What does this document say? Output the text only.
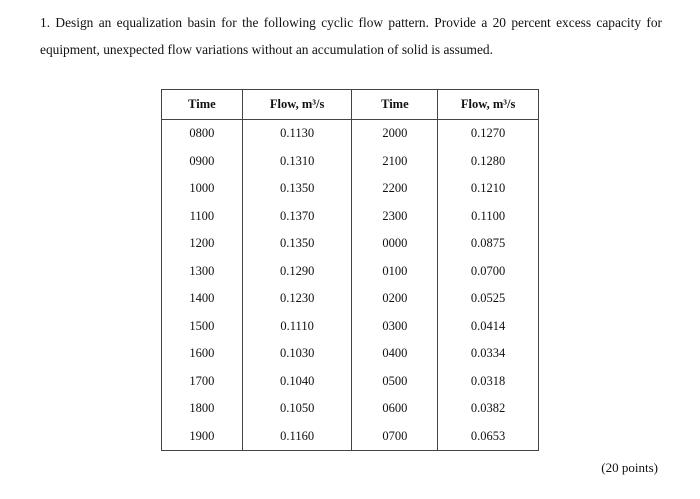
1. Design an equalization basin for the following cyclic flow pattern. Provide a 20 percent excess capacity for
equipment, unexpected flow variations without an accumulation of solid is assumed.
Time	Flow, m³/s	Time	Flow, m³/s
0800	0.1130	2000	0.1270
0900	0.1310	2100	0.1280
1000	0.1350	2200	0.1210
1100	0.1370	2300	0.1100
1200	0.1350	0000	0.0875
1300	0.1290	0100	0.0700
1400	0.1230	0200	0.0525
1500	0.1110	0300	0.0414
1600	0.1030	0400	0.0334
1700	0.1040	0500	0.0318
1800	0.1050	0600	0.0382
1900	0.1160	0700	0.0653
(20 points)
